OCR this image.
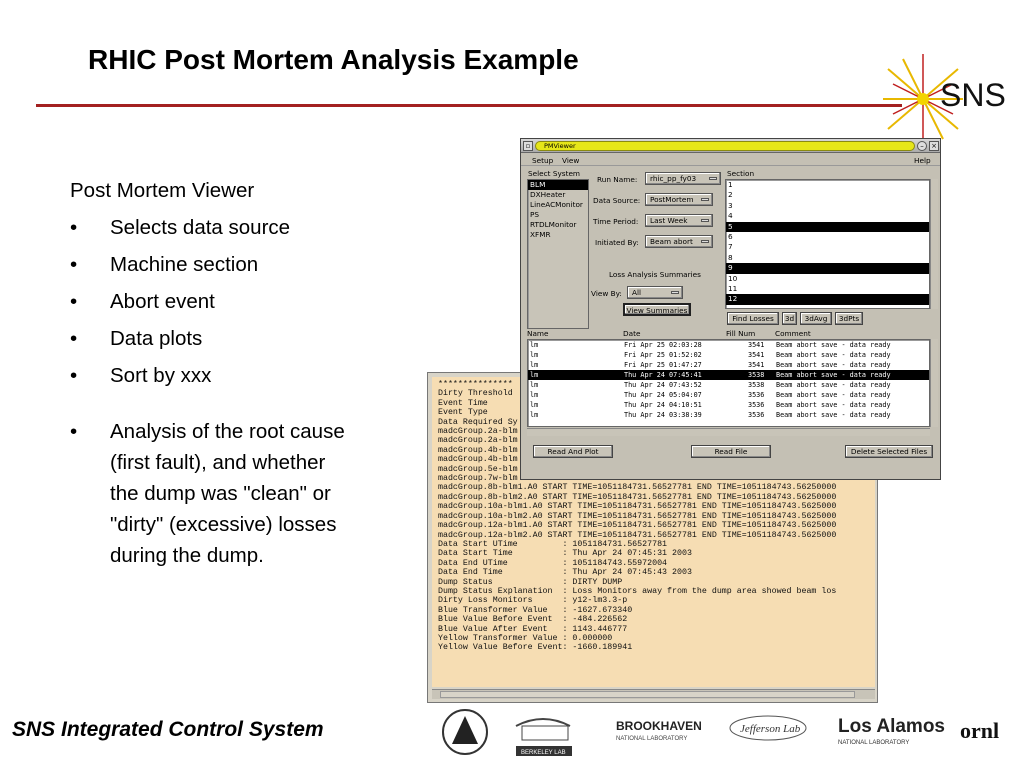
RHIC Post Mortem Analysis Example
SNS
Post Mortem Viewer
•	Selects data source
•	Machine section
•	Abort event
•	Data plots
•	Sort by xxx
•	Analysis of the root cause
(first fault), and whether
the dump was "clean" or
"dirty" (excessive) losses
during the dump.
***************
Dirty Threshold
Event Time
Event Type
Data Required Sy
madcGroup.2a-blm
madcGroup.2a-blm
madcGroup.4b-blm
madcGroup.4b-blm
madcGroup.5e-blm
madcGroup.7w-blm
madcGroup.8b-blm1.A0 START TIME=1051184731.56527781 END TIME=1051184743.56250000
madcGroup.8b-blm2.A0 START TIME=1051184731.56527781 END TIME=1051184743.56250000
madcGroup.10a-blm1.A0 START TIME=1051184731.56527781 END TIME=1051184743.5625000
madcGroup.10a-blm2.A0 START TIME=1051184731.56527781 END TIME=1051184743.5625000
madcGroup.12a-blm1.A0 START TIME=1051184731.56527781 END TIME=1051184743.5625000
madcGroup.12a-blm2.A0 START TIME=1051184731.56527781 END TIME=1051184743.5625000
Data Start UTime         : 1051184731.56527781
Data Start Time          : Thu Apr 24 07:45:31 2003
Data End UTime           : 1051184743.55972004
Data End Time            : Thu Apr 24 07:45:43 2003
Dump Status              : DIRTY DUMP
Dump Status Explanation  : Loss Monitors away from the dump area showed beam los
Dirty Loss Monitors      : y12-lm3.3-p
Blue Transformer Value   : -1627.673340
Blue Value Before Event  : -484.226562
Blue Value After Event   : 1143.446777
Yellow Transformer Value : 0.000000
Yellow Value Before Event: -1660.189941
▫	PMViewer	–	×
Setup View	Help
Select System
BLM
DXHeater
LineACMonitor
PS
RTDLMonitor
XFMR
Run Name:	rhic_pp_fy03
Data Source:	PostMortem
Time Period:	Last Week
Initiated By:	Beam abort
Loss Analysis Summaries
View By:	All
View Summaries
Section
1
2
3
4
5
6
7
8
9
10
11
12
Find Losses	3d	3dAvg	3dPts
Name	Date	Fill Num	Comment
lm	Fri Apr 25 02:03:28	3541 Beam abort save - data ready
lm	Fri Apr 25 01:52:02	3541 Beam abort save - data ready
lm	Fri Apr 25 01:47:27	3541 Beam abort save - data ready
lm	Thu Apr 24 07:45:41	3538 Beam abort save - data ready
lm	Thu Apr 24 07:43:52	3538 Beam abort save - data ready
lm	Thu Apr 24 05:04:07	3536 Beam abort save - data ready
lm	Thu Apr 24 04:10:51	3536 Beam abort save - data ready
lm	Thu Apr 24 03:38:39	3536 Beam abort save - data ready
Read And Plot	Read File	Delete Selected Files
SNS Integrated Control System
BERKELEY LAB
BROOKHAVEN
NATIONAL LABORATORY
Jefferson Lab Los Alamos
NATIONAL LABORATORY ornl
